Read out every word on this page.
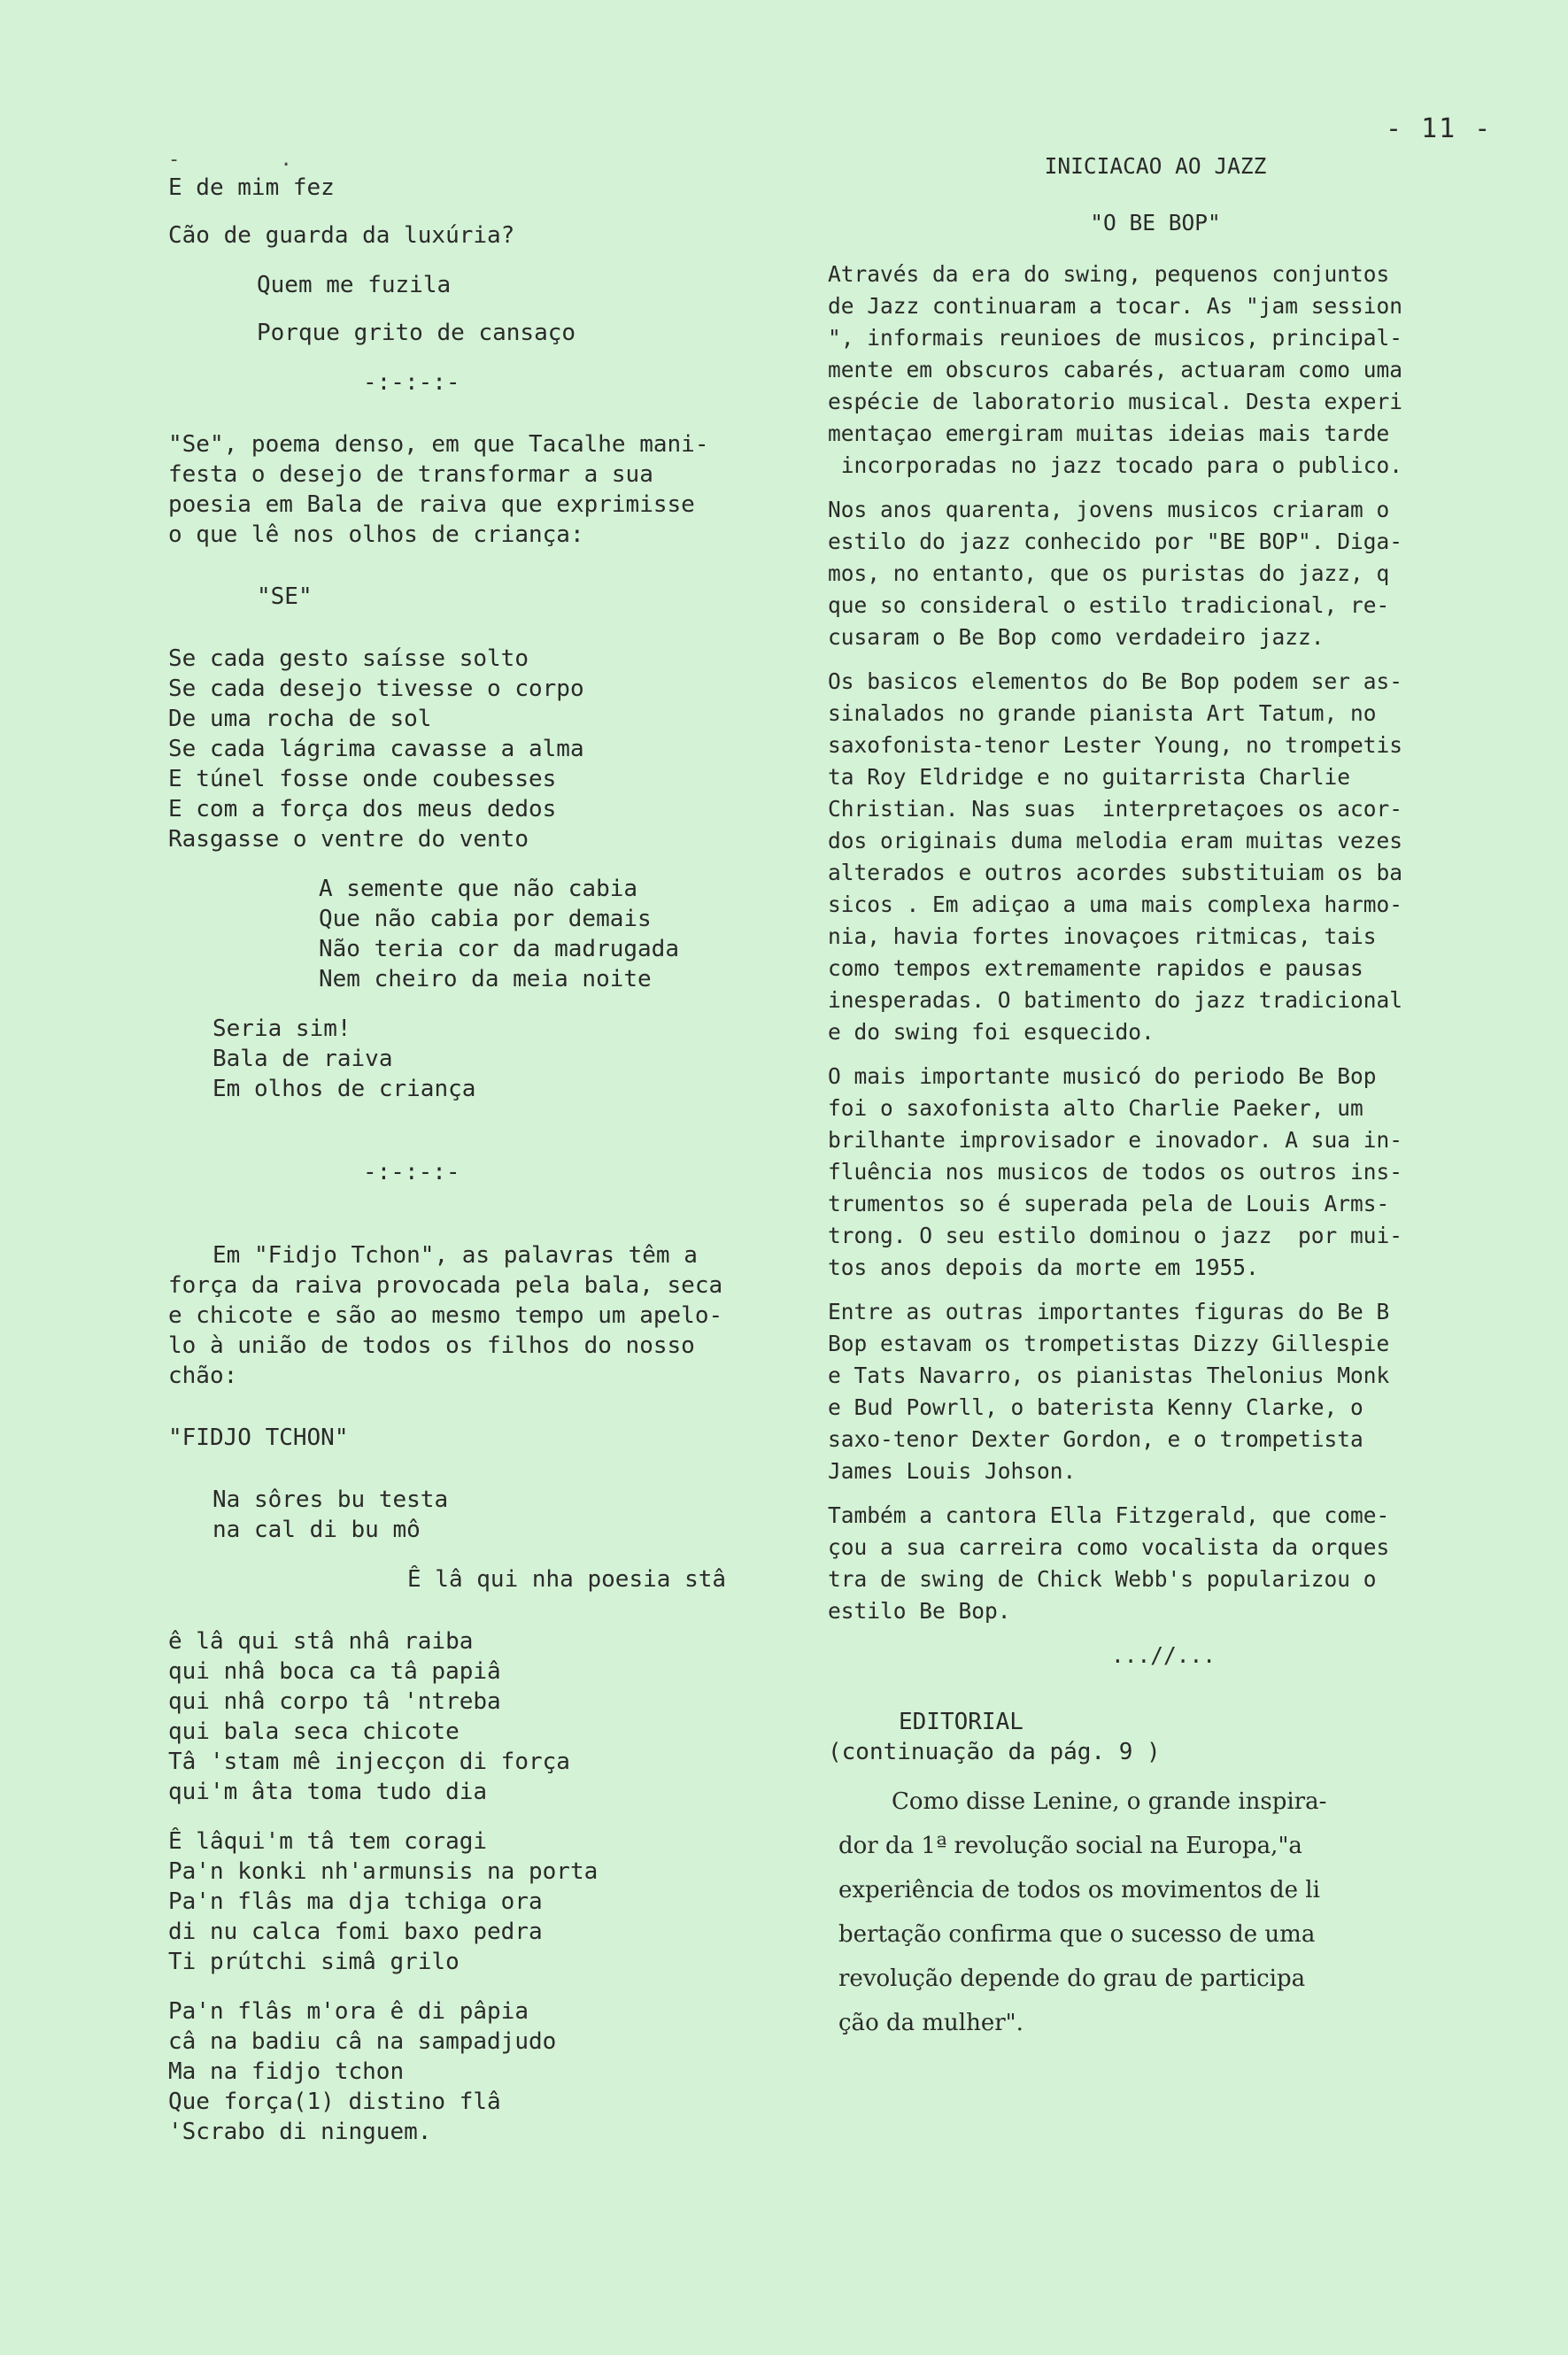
- 11 -
- .
E de mim fez
Cão de guarda da luxúria?
Quem me fuzila
Porque grito de cansaço
-:-:-:-
"Se", poema denso, em que Tacalhe mani-
festa o desejo de transformar a sua
poesia em Bala de raiva que exprimisse
o que lê nos olhos de criança:
"SE"
Se cada gesto saísse solto
Se cada desejo tivesse o corpo
De uma rocha de sol
Se cada lágrima cavasse a alma
E túnel fosse onde coubesses
E com a força dos meus dedos
Rasgasse o ventre do vento
A semente que não cabia
Que não cabia por demais
Não teria cor da madrugada
Nem cheiro da meia noite
Seria sim!
Bala de raiva
Em olhos de criança
-:-:-:-
Em "Fidjo Tchon", as palavras têm a
força da raiva provocada pela bala, seca
e chicote e são ao mesmo tempo um apelo-
lo à união de todos os filhos do nosso
chão:
"FIDJO TCHON"
Na sôres bu testa
na cal di bu mô
Ê lâ qui nha poesia stâ
ê lâ qui stâ nhâ raiba
qui nhâ boca ca tâ papiâ
qui nhâ corpo tâ 'ntreba
qui bala seca chicote
Tâ 'stam mê injecçon di força
qui'm âta toma tudo dia
Ê lâqui'm tâ tem coragi
Pa'n konki nh'armunsis na porta
Pa'n flâs ma dja tchiga ora
di nu calca fomi baxo pedra
Ti prútchi simâ grilo
Pa'n flâs m'ora ê di pâpia
câ na badiu câ na sampadjudo
Ma na fidjo tchon
Que força(1) distino flâ
'Scrabo di ninguem.
INICIACAO AO JAZZ
"O BE BOP"
Através da era do swing, pequenos conjuntos
de Jazz continuaram a tocar. As "jam session
", informais reunioes de musicos, principal-
mente em obscuros cabarés, actuaram como uma
espécie de laboratorio musical. Desta experi
mentaçao emergiram muitas ideias mais tarde
incorporadas no jazz tocado para o publico.
Nos anos quarenta, jovens musicos criaram o
estilo do jazz conhecido por "BE BOP". Diga-
mos, no entanto, que os puristas do jazz, q
que so consideral o estilo tradicional, re-
cusaram o Be Bop como verdadeiro jazz.
Os basicos elementos do Be Bop podem ser as-
sinalados no grande pianista Art Tatum, no
saxofonista-tenor Lester Young, no trompetis
ta Roy Eldridge e no guitarrista Charlie
Christian. Nas suas  interpretaçoes os acor-
dos originais duma melodia eram muitas vezes
alterados e outros acordes substituiam os ba
sicos . Em adiçao a uma mais complexa harmo-
nia, havia fortes inovaçoes ritmicas, tais
como tempos extremamente rapidos e pausas
inesperadas. O batimento do jazz tradicional
e do swing foi esquecido.
O mais importante musicó do periodo Be Bop
foi o saxofonista alto Charlie Paeker, um
brilhante improvisador e inovador. A sua in-
fluência nos musicos de todos os outros ins-
trumentos so é superada pela de Louis Arms-
trong. O seu estilo dominou o jazz  por mui-
tos anos depois da morte em 1955.
Entre as outras importantes figuras do Be B
Bop estavam os trompetistas Dizzy Gillespie
e Tats Navarro, os pianistas Thelonius Monk
e Bud Powrll, o baterista Kenny Clarke, o
saxo-tenor Dexter Gordon, e o trompetista
James Louis Johson.
Também a cantora Ella Fitzgerald, que come-
çou a sua carreira como vocalista da orques
tra de swing de Chick Webb's popularizou o
estilo Be Bop.
...//...
EDITORIAL
(continuação da pág. 9 )
Como disse Lenine, o grande inspira-
dor da 1ª revolução social na Europa,"a
experiência de todos os movimentos de li
bertação confirma que o sucesso de uma
revolução depende do grau de participa
ção da mulher".
